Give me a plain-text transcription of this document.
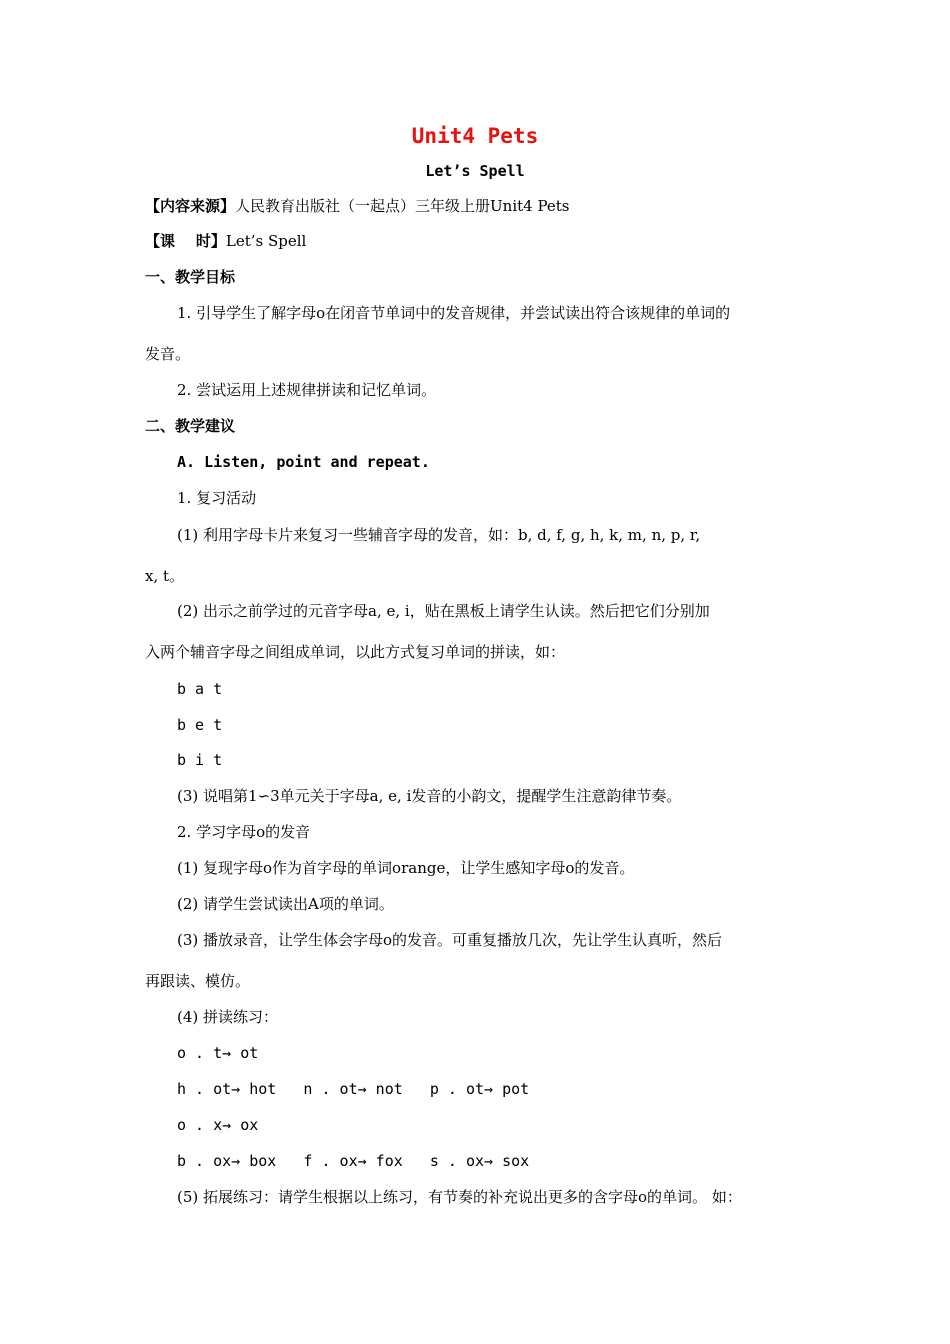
Unit4 Pets
Let’s Spell
【内容来源】人民教育出版社（一起点）三年级上册Unit4 Pets
【课    时】Let’s Spell
一、教学目标
1. 引导学生了解字母o在闭音节单词中的发音规律，并尝试读出符合该规律的单词的
发音。
2. 尝试运用上述规律拼读和记忆单词。
二、教学建议
A. Listen, point and repeat.
1. 复习活动
(1) 利用字母卡片来复习一些辅音字母的发音，如：b, d, f, g, h, k, m, n, p, r,
x, t。
(2) 出示之前学过的元音字母a, e, i，贴在黑板上请学生认读。然后把它们分别加
入两个辅音字母之间组成单词，以此方式复习单词的拼读，如：
b a t
b e t
b i t
(3) 说唱第1∽3单元关于字母a, e, i发音的小韵文，提醒学生注意韵律节奏。
2. 学习字母o的发音
(1) 复现字母o作为首字母的单词orange，让学生感知字母o的发音。
(2) 请学生尝试读出A项的单词。
(3) 播放录音，让学生体会字母o的发音。可重复播放几次，先让学生认真听，然后
再跟读、模仿。
(4) 拼读练习：
o . t→ ot
h . ot→ hot   n . ot→ not   p . ot→ pot
o . x→ ox
b . ox→ box   f . ox→ fox   s . ox→ sox
(5) 拓展练习：请学生根据以上练习，有节奏的补充说出更多的含字母o的单词。 如：
